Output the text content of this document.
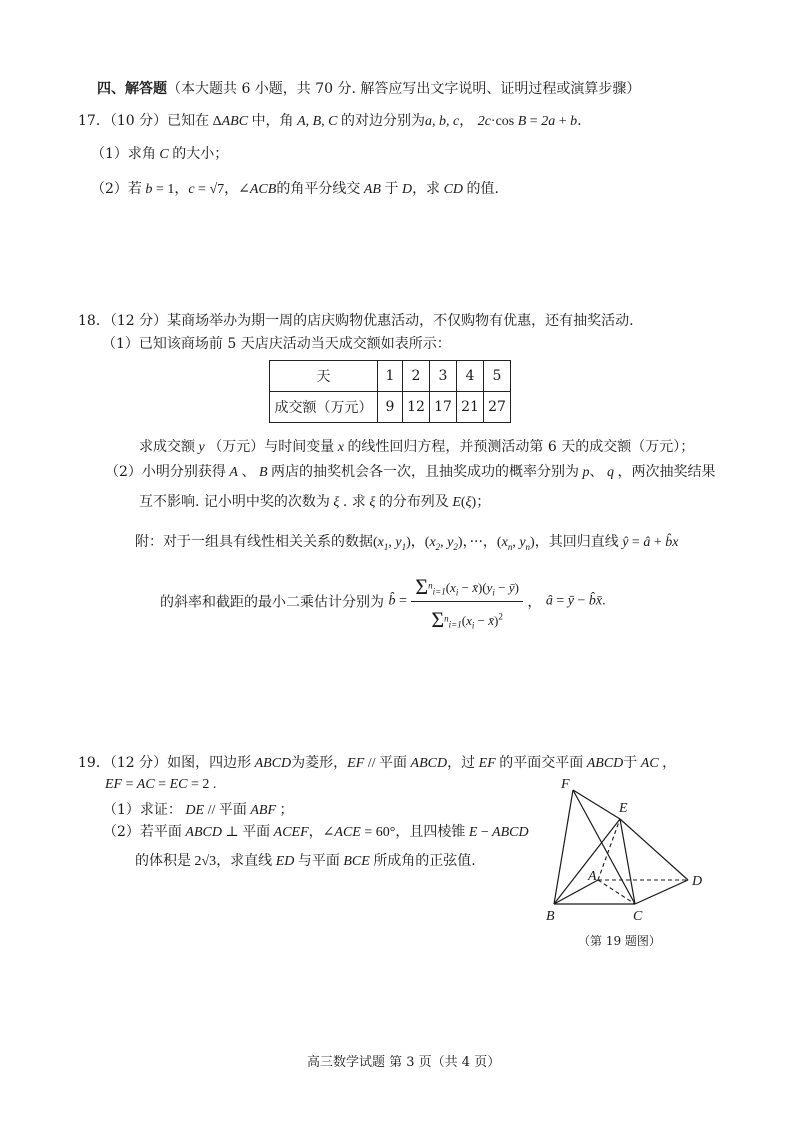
四、解答题（本大题共 6 小题，共 70 分. 解答应写出文字说明、证明过程或演算步骤）
17．（10 分）已知在 ΔABC 中，角 A, B, C 的对边分别为a, b, c， 2c·cos B = 2a + b.
（1）求角 C 的大小；
（2）若 b = 1，c = √7，∠ACB的角平分线交 AB 于 D，求 CD 的值.
18．（12 分）某商场举办为期一周的店庆购物优惠活动，不仅购物有优惠，还有抽奖活动.
（1）已知该商场前 5 天店庆活动当天成交额如表所示：
天	1	2	3	4	5
成交额（万元）	9	12	17	21	27
求成交额 y （万元）与时间变量 x 的线性回归方程，并预测活动第 6 天的成交额（万元）；
（2）小明分别获得 A 、 B 两店的抽奖机会各一次，且抽奖成功的概率分别为 p、 q ，两次抽奖结果
互不影响. 记小明中奖的次数为 ξ . 求 ξ 的分布列及 E(ξ)；
附：对于一组具有线性相关关系的数据($x_1$, $y_1$)，($x_2$, $y_2$)，···，($x_n$, $y_n$)，其回归直线 ŷ = â + b̂x
的斜率和截距的最小二乘估计分别为 b̂ = $\frac{\Sigma^n_{i=1}(x_i - x̄)(y_i - ȳ)}{\Sigma^n_{i=1}(x_i - x̄)^2}$ ， â = ȳ − b̂x̄.
19．（12 分）如图，四边形 ABCD为菱形，EF // 平面 ABCD，过 EF 的平面交平面 ABCD于 AC ，
EF = AC = EC = 2 .
（1）求证： DE // 平面 ABF ；
（2）若平面 ABCD ⊥ 平面 ACEF，∠ACE = 60°，且四棱锥 E − ABCD
的体积是 2√3，求直线 ED 与平面 BCE 所成角的正弦值.
F
E
A	D
B	C
（第 19 题图）
高三数学试题 第 3 页（共 4 页）
